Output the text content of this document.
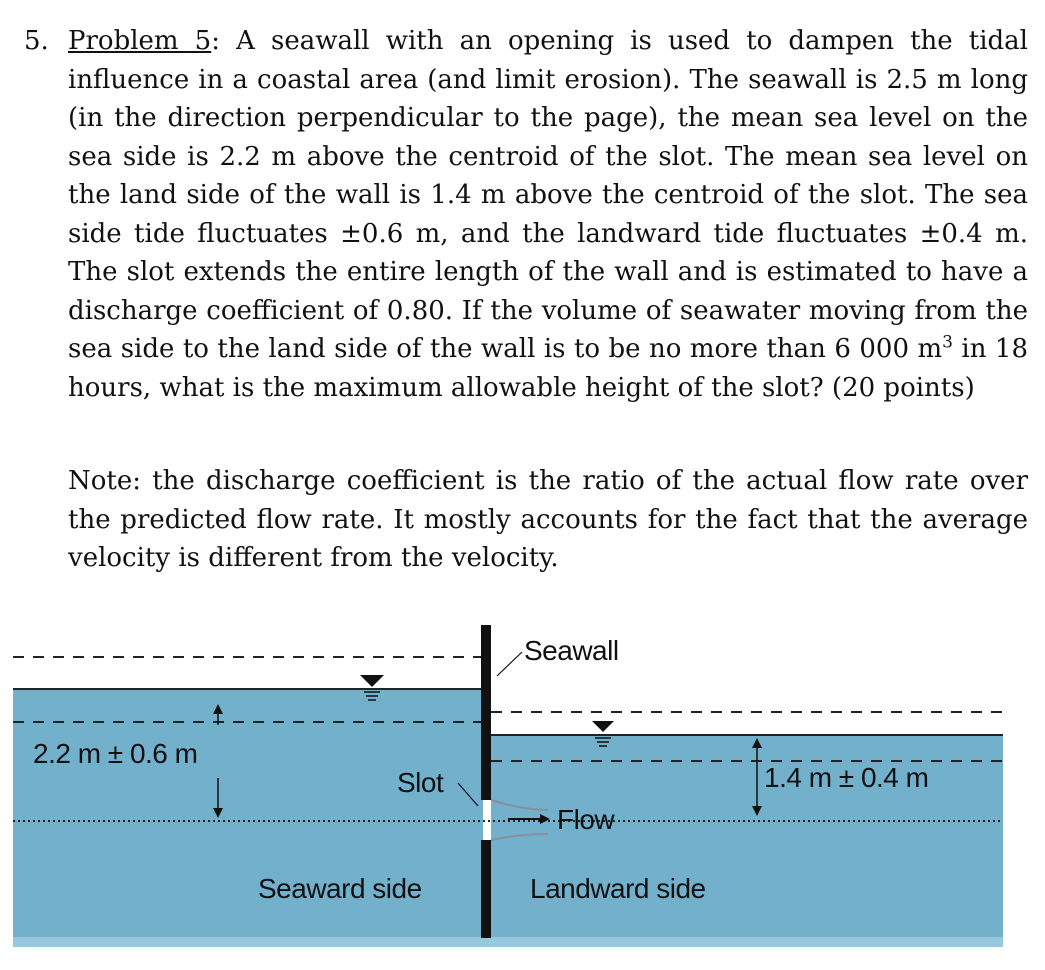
5. Problem 5: A seawall with an opening is used to dampen the tidal influence in a coastal area (and limit erosion). The seawall is 2.5 m long (in the direction perpendicular to the page), the mean sea level on the sea side is 2.2 m above the centroid of the slot. The mean sea level on the land side of the wall is 1.4 m above the centroid of the slot. The sea side tide fluctuates ±0.6 m, and the landward tide fluctuates ±0.4 m. The slot extends the entire length of the wall and is estimated to have a discharge coefficient of 0.80. If the volume of seawater moving from the sea side to the land side of the wall is to be no more than 6 000 $m^3$ in 18 hours, what is the maximum allowable height of the slot? (20 points)
Note: the discharge coefficient is the ratio of the actual flow rate over the predicted flow rate. It mostly accounts for the fact that the average velocity is different from the velocity.
2.2 m ± 0.6 m
1.4 m ± 0.4 m
Seawall
Slot
Flow
Seaward side	Landward side
